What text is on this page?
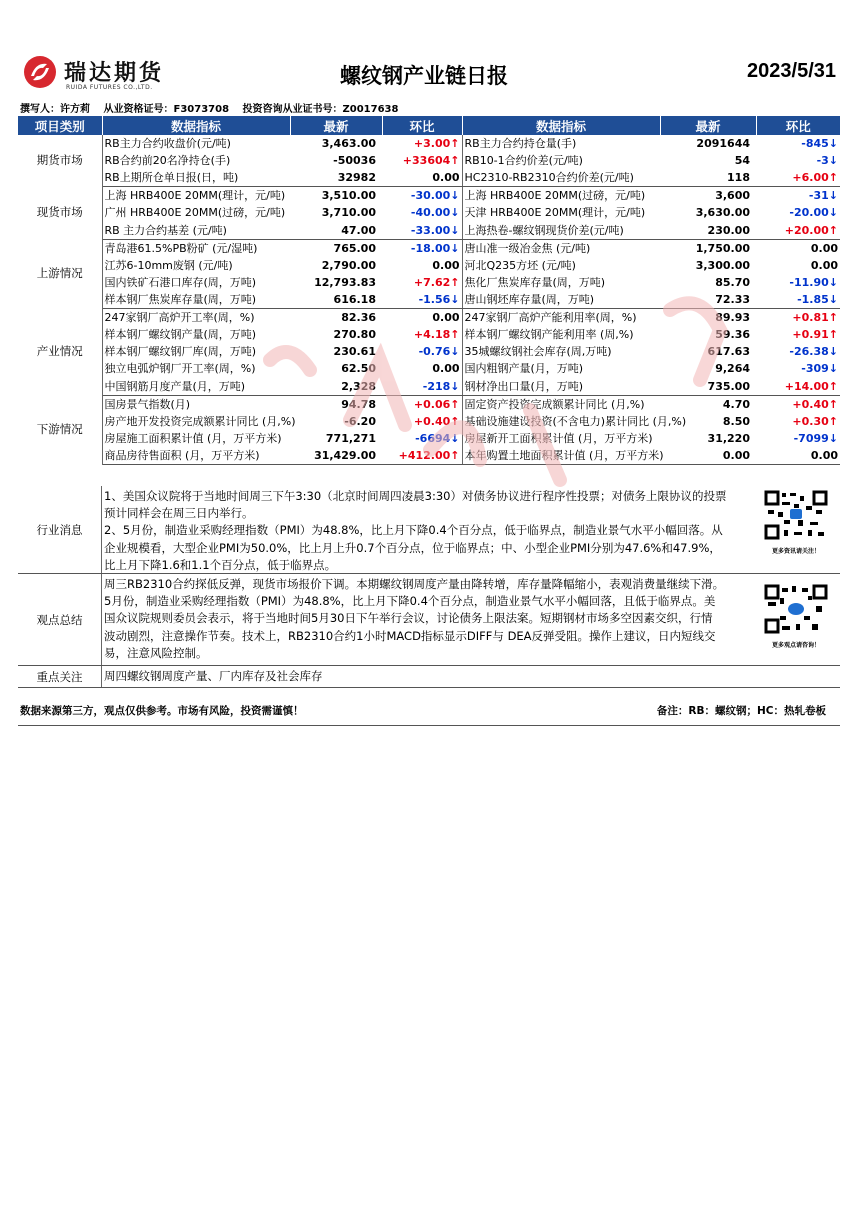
瑞达期货
RUIDA FUTURES CO.,LTD.	螺纹钢产业链日报	2023/5/31
撰写人：许方莉 从业资格证号：F3073708 投资咨询从业证书号：Z0017638
项目类别	数据指标	最新	环比	数据指标	最新	环比
期货市场	RB主力合约收盘价(元/吨)	3,463.00	+3.00↑	RB主力合约持仓量(手)	2091644	-845↓
	RB合约前20名净持仓(手)	-50036	+33604↑	RB10-1合约价差(元/吨)	54	-3↓
	RB上期所仓单日报(日，吨)	32982	0.00	HC2310-RB2310合约价差(元/吨)	118	+6.00↑
现货市场	上海 HRB400E 20MM(理计，元/吨)	3,510.00	-30.00↓	上海 HRB400E 20MM(过磅，元/吨)	3,600	-31↓
	广州 HRB400E 20MM(过磅，元/吨)	3,710.00	-40.00↓	天津 HRB400E 20MM(理计，元/吨)	3,630.00	-20.00↓
	RB 主力合约基差 (元/吨)	47.00	-33.00↓	上海热卷-螺纹钢现货价差(元/吨)	230.00	+20.00↑
上游情况	青岛港61.5%PB粉矿 (元/湿吨)	765.00	-18.00↓	唐山准一级冶金焦 (元/吨)	1,750.00	0.00
	江苏6-10mm废钢 (元/吨)	2,790.00	0.00	河北Q235方坯 (元/吨)	3,300.00	0.00
	国内铁矿石港口库存(周，万吨)	12,793.83	+7.62↑	焦化厂焦炭库存量(周，万吨)	85.70	-11.90↓
	样本钢厂焦炭库存量(周，万吨)	616.18	-1.56↓	唐山钢坯库存量(周，万吨)	72.33	-1.85↓
产业情况	247家钢厂高炉开工率(周，%)	82.36	0.00	247家钢厂高炉产能利用率(周，%)	89.93	+0.81↑
	样本钢厂螺纹钢产量(周，万吨)	270.80	+4.18↑	样本钢厂螺纹钢产能利用率 (周,%)	59.36	+0.91↑
	样本钢厂螺纹钢厂库(周，万吨)	230.61	-0.76↓	35城螺纹钢社会库存(周,万吨)	617.63	-26.38↓
	独立电弧炉钢厂开工率(周，%)	62.50	0.00	国内粗钢产量(月，万吨)	9,264	-309↓
	中国钢筋月度产量(月，万吨)	2,328	-218↓	钢材净出口量(月，万吨)	735.00	+14.00↑
下游情况	国房景气指数(月)	94.78	+0.06↑	固定资产投资完成额累计同比 (月,%)	4.70	+0.40↑
	房产地开发投资完成额累计同比 (月,%)	-6.20	+0.40↑	基础设施建设投资(不含电力)累计同比 (月,%)	8.50	+0.30↑
	房屋施工面积累计值 (月，万平方米)	771,271	-6694↓	房屋新开工面积累计值 (月，万平方米)	31,220	-7099↓
	商品房待售面积 (月，万平方米)	31,429.00	+412.00↑	本年购置土地面积累计值 (月，万平方米)	0.00	0.00
行业消息
1、美国众议院将于当地时间周三下午3:30（北京时间周四凌晨3:30）对债务协议进行程序性投票；对债务上限协议的投票
预计同样会在周三日内举行。
2、5月份，制造业采购经理指数（PMI）为48.8%，比上月下降0.4个百分点，低于临界点，制造业景气水平小幅回落。从
企业规模看，大型企业PMI为50.0%，比上月上升0.7个百分点，位于临界点；中、小型企业PMI分别为47.6%和47.9%，
比上月下降1.6和1.1个百分点，低于临界点。
更多资讯请关注！
观点总结
周三RB2310合约探低反弹，现货市场报价下调。本期螺纹钢周度产量由降转增，库存量降幅缩小，表观消费量继续下滑。
5月份，制造业采购经理指数（PMI）为48.8%，比上月下降0.4个百分点，制造业景气水平小幅回落，且低于临界点。美
国众议院规则委员会表示，将于当地时间5月30日下午举行会议，讨论债务上限法案。短期钢材市场多空因素交织，行情
波动剧烈，注意操作节奏。技术上，RB2310合约1小时MACD指标显示DIFF与 DEA反弹受阻。操作上建议，日内短线交
易，注意风险控制。
更多观点请咨询！
重点关注	周四螺纹钢周度产量、厂内库存及社会库存
数据来源第三方，观点仅供参考。市场有风险，投资需谨慎！	备注：RB：螺纹钢；HC：热轧卷板
